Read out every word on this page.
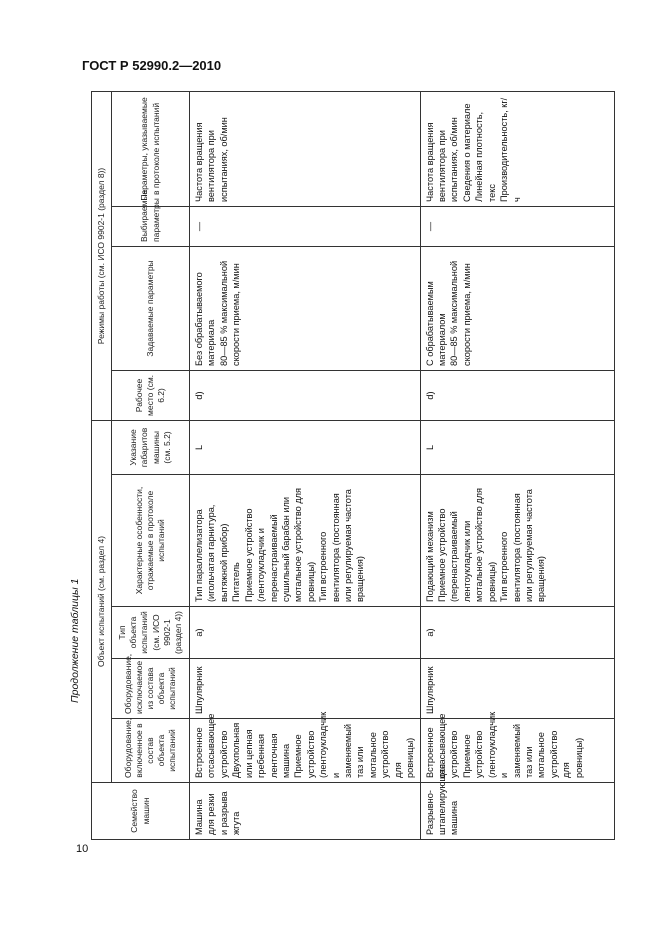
ГОСТ Р 52990.2—2010
Продолжение таблицы 1
Семейство машин	Объект испытаний (см. раздел 4)					Режимы работы (см. ИСО 9902-1 (раздел 8))			
	Оборудование, включенное в состав объекта испытаний	Оборудование, исключаемое из состава объекта испытаний	Тип объекта испытаний (см. ИСО 9902-1 (раздел 4))	Характерные особенности, отражаемые в протоколе испытаний	Указание габаритов машины (см. 5.2)	Рабочее место (см. 6.2)	Задаваемые параметры	Выбираемые параметры	Параметры, указываемые в протоколе испытаний
Машина для резки и разрыва жгута	Встроенное отсасывающее устройство Двухпольная или цепная гребенная ленточная машина Приемное устройство (лентоукладчик и заменяемый таз или мотальное устройство для ровницы)	Шпулярник	а)	Тип параллелизатора (игольчатая гарнитура, вытяжной прибор) Питатель Приемное устройство (лентоукладчик и перенастраиваемый сушильный барабан или мотальное устройство для ровницы) Тип встроенного вентилятора (постоянная или регулируемая частота вращения)	L	d)	Без обрабатываемого материала 80—85 % максимальной скорости приема, м/мин	—	Частота вращения вентилятора при испытаниях, об/мин

Разрывно-штапелирующая машина	Встроенное отсасывающее устройство Приемное устройство (лентоукладчик и заменяемый таз или мотальное устройство для ровницы)	Шпулярник	а)	Подающий механизм Приемное устройство (перенастраиваемый лентоукладчик или мотальное устройство для ровницы) Тип встроенного вентилятора (постоянная или регулируемая частота вращения)	L	d)	С обрабатываемым материалом 80—85 % максимальной скорости приема, м/мин	—	Частота вращения вентилятора при испытаниях, об/мин Сведения о материале Линейная плотность, текс Производительность, кг/ч
10
